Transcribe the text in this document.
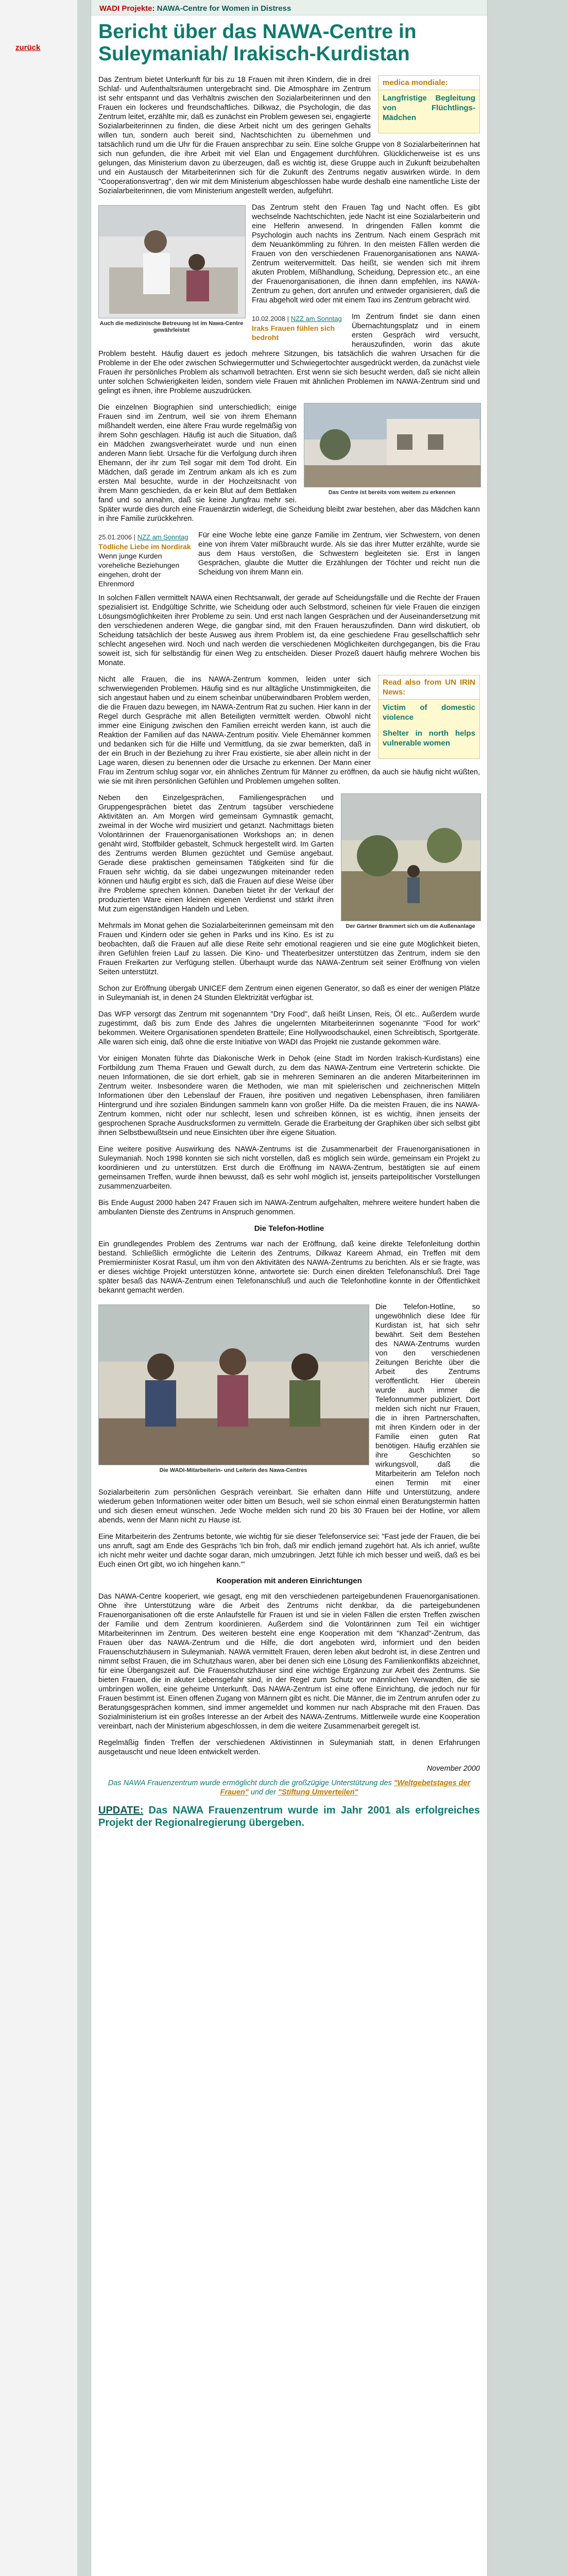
zurück
WADI Projekte: NAWA-Centre for Women in Distress
Bericht über das NAWA-Centre in Suleymaniah/ Irakisch-Kurdistan
medica mondiale:
Langfristige Begleitung von Flüchtlings-Mädchen

Das Zentrum bietet Unterkunft für bis zu 18 Frauen mit ihren Kindern, die in drei Schlaf- und Aufenthaltsräumen untergebracht sind. Die Atmosphäre im Zentrum ist sehr entspannt und das Verhältnis zwischen den Sozialarbeiterinnen und den Frauen ein lockeres und freundschaftliches. Dilkwaz, die Psychologin, die das Zentrum leitet, erzählte mir, daß es zunächst ein Problem gewesen sei, engagierte Sozialarbeiterinnen zu finden, die diese Arbeit nicht um des geringen Gehalts willen tun, sondern auch bereit sind, Nachtschichten zu übernehmen und tatsächlich rund um die Uhr für die Frauen ansprechbar zu sein. Eine solche Gruppe von 8 Sozialarbeiterinnen hat sich nun gefunden, die ihre Arbeit mit viel Elan und Engagement durchführen. Glücklicherweise ist es uns gelungen, das Ministerium davon zu überzeugen, daß es wichtig ist, diese Gruppe auch in Zukunft beizubehalten und ein Austausch der Mitarbeiterinnen sich für die Zukunft des Zentrums negativ auswirken würde. In dem "Cooperationsvertrag", den wir mit dem Ministerium abgeschlossen habe wurde deshalb eine namentliche Liste der Sozialarbeiterinnen, die vom Ministerium angestellt werden, aufgeführt.

Auch die medizinische Betreuung ist im Nawa-Centre gewährleistet

Das Zentrum steht den Frauen Tag und Nacht offen. Es gibt wechselnde Nachtschichten, jede Nacht ist eine Sozialarbeiterin und eine Helferin anwesend. In dringenden Fällen kommt die Psychologin auch nachts ins Zentrum. Nach einem Gespräch mit dem Neuankömmling zu führen. In den meisten Fällen werden die Frauen von den verschiedenen Frauenorganisationen ans NAWA-Zentrum weitervermittelt. Das heißt, sie wenden sich mit ihrem akuten Problem, Mißhandlung, Scheidung, Depression etc., an eine der Frauenorganisationen, die ihnen dann empfehlen, ins NAWA-Zentrum zu gehen, dort anrufen und entweder organisieren, daß die Frau abgeholt wird oder mit einem Taxi ins Zentrum gebracht wird.

10.02.2008 | NZZ am Sonntag
Iraks Frauen fühlen sich bedroht

Im Zentrum findet sie dann einen Übernachtungsplatz und in einem ersten Gespräch wird versucht, herauszufinden, worin das akute Problem besteht. Häufig dauert es jedoch mehrere Sitzungen, bis tatsächlich die wahren Ursachen für die Probleme in der Ehe oder zwischen Schwiegermutter und Schwiegertochter ausgedrückt werden, da zunächst viele Frauen ihr persönliches Problem als schamvoll betrachten. Erst wenn sie sich besucht werden, daß sie nicht allein unter solchen Schwierigkeiten leiden, sondern viele Frauen mit ähnlichen Problemen im NAWA-Zentrum sind und gelingt es ihnen, ihre Probleme auszudrücken.

Das Centre ist bereits vom weitem zu erkennen

Die einzelnen Biographien sind unterschiedlich; einige Frauen sind im Zentrum, weil sie von ihrem Ehemann mißhandelt werden, eine ältere Frau wurde regelmäßig von ihrem Sohn geschlagen. Häufig ist auch die Situation, daß ein Mädchen zwangsverheiratet wurde und nun einen anderen Mann liebt. Ursache für die Verfolgung durch ihren Ehemann, der ihr zum Teil sogar mit dem Tod droht. Ein Mädchen, daß gerade im Zentrum ankam als ich es zum ersten Mal besuchte, wurde in der Hochzeitsnacht von ihrem Mann geschieden, da er kein Blut auf dem Bettlaken fand und so annahm, daß sie keine Jungfrau mehr sei. Später wurde dies durch eine Frauenärztin widerlegt, die Scheidung bleibt zwar bestehen, aber das Mädchen kann in ihre Familie zurückkehren.

25.01.2006 | NZZ am Sonntag
Tödliche Liebe im Nordirak
Wenn junge Kurden voreheliche Beziehungen eingehen, droht der Ehrenmord

Für eine Woche lebte eine ganze Familie im Zentrum, vier Schwestern, von denen eine von ihrem Vater mißbraucht wurde. Als sie das ihrer Mutter erzählte, wurde sie aus dem Haus verstoßen, die Schwestern begleiteten sie. Erst in langen Gesprächen, glaubte die Mutter die Erzählungen der Töchter und reicht nun die Scheidung von ihrem Mann ein.

In solchen Fällen vermittelt NAWA einen Rechtsanwalt, der gerade auf Scheidungsfälle und die Rechte der Frauen spezialisiert ist. Endgültige Schritte, wie Scheidung oder auch Selbstmord, scheinen für viele Frauen die einzigen Lösungsmöglichkeiten ihrer Probleme zu sein. Und erst nach langen Gesprächen und der Auseinandersetzung mit den verschiedenen anderen Wege, die gangbar sind, mit den Frauen herauszufinden. Dann wird diskutiert, ob Scheidung tatsächlich der beste Ausweg aus ihrem Problem ist, da eine geschiedene Frau gesellschaftlich sehr schlecht angesehen wird. Noch und nach werden die verschiedenen Möglichkeiten durchgegangen, bis die Frau soweit ist, sich für selbständig für einen Weg zu entscheiden. Dieser Prozeß dauert häufig mehrere Wochen bis Monate.

Read also from UN IRIN News:
Victim of domestic violence
Shelter in north helps vulnerable women

Nicht alle Frauen, die ins NAWA-Zentrum kommen, leiden unter sich schwerwiegenden Problemen. Häufig sind es nur alltägliche Unstimmigkeiten, die sich angestaut haben und zu einem scheinbar unüberwindbaren Problem werden, die die Frauen dazu bewegen, im NAWA-Zentrum Rat zu suchen. Hier kann in der Regel durch Gespräche mit allen Beteiligten vermittelt werden. Obwohl nicht immer eine Einigung zwischen den Familien erreicht werden kann, ist auch die Reaktion der Familien auf das NAWA-Zentrum positiv. Viele Ehemänner kommen und bedanken sich für die Hilfe und Vermittlung, da sie zwar bemerkten, daß in der ein Bruch in der Beziehung zu ihrer Frau existierte, sie aber allein nicht in der Lage waren, diesen zu benennen oder die Ursache zu erkennen. Der Mann einer Frau im Zentrum schlug sogar vor, ein ähnliches Zentrum für Männer zu eröffnen, da auch sie häufig nicht wüßten, wie sie mit ihren persönlichen Gefühlen und Problemen umgehen sollten.

Der Gärtner Brammert sich um die Außenanlage

Neben den Einzelgesprächen, Familiengesprächen und Gruppengesprächen bietet das Zentrum tagsüber verschiedene Aktivitäten an. Am Morgen wird gemeinsam Gymnastik gemacht, zweimal in der Woche wird musiziert und getanzt. Nachmittags bieten Volontärinnen der Frauenorganisationen Workshops an; in denen genäht wird, Stoffbilder gebastelt, Schmuck hergestellt wird. Im Garten des Zentrums werden Blumen gezüchtet und Gemüse angebaut. Gerade diese praktischen gemeinsamen Tätigkeiten sind für die Frauen sehr wichtig, da sie dabei ungezwungen miteinander reden können und häufig ergibt es sich, daß die Frauen auf diese Weise über ihre Probleme sprechen können. Daneben bietet ihr der Verkauf der produzierten Ware einen kleinen eigenen Verdienst und stärkt ihren Mut zum eigenständigen Handeln und Leben.

Mehrmals im Monat gehen die Sozialarbeiterinnen gemeinsam mit den Frauen und Kindern oder sie gehen in Parks und ins Kino. Es ist zu beobachten, daß die Frauen auf alle diese Reite sehr emotional reagieren und sie eine gute Möglichkeit bieten, ihren Gefühlen freien Lauf zu lassen. Die Kino- und Theaterbesitzer unterstützen das Zentrum, indem sie den Frauen Freikarten zur Verfügung stellen. Überhaupt wurde das NAWA-Zentrum seit seiner Eröffnung von vielen Seiten unterstützt.

Schon zur Eröffnung übergab UNICEF dem Zentrum einen eigenen Generator, so daß es einer der wenigen Plätze in Suleymaniah ist, in denen 24 Stunden Elektrizität verfügbar ist.

Das WFP versorgt das Zentrum mit sogenanntem "Dry Food", daß heißt Linsen, Reis, Öl etc.. Außerdem wurde zugestimmt, daß bis zum Ende des Jahres die ungelernten Mitarbeiterinnen sogenannte "Food for work" bekommen. Weitere Organisationen spendeten Bratteile; Eine Hollywoodschaukel, einen Schreibtisch, Sportgeräte. Alle waren sich einig, daß ohne die erste Initiative von WADI das Projekt nie zustande gekommen wäre.

Vor einigen Monaten führte das Diakonische Werk in Dehok (eine Stadt im Norden Irakisch-Kurdistans) eine Fortbildung zum Thema Frauen und Gewalt durch, zu dem das NAWA-Zentrum eine Vertreterin schickte. Die neuen Informationen, die sie dort erhielt, gab sie in mehreren Seminaren an die anderen Mitarbeiterinnen im Zentrum weiter. Insbesondere waren die Methoden, wie man mit spielerischen und zeichnerischen Mitteln Informationen über den Lebenslauf der Frauen, ihre positiven und negativen Lebensphasen, ihren familiären Hintergrund und ihre sozialen Bindungen sammeln kann von großer Hilfe. Da die meisten Frauen, die ins NAWA-Zentrum kommen, nicht oder nur schlecht, lesen und schreiben können, ist es wichtig, ihnen jenseits der gesprochenen Sprache Ausdrucksformen zu vermitteln. Gerade die Erarbeitung der Graphiken über sich selbst gibt ihnen Selbstbewußtsein und neue Einsichten über ihre eigene Situation.

Eine weitere positive Auswirkung des NAWA-Zentrums ist die Zusammenarbeit der Frauenorganisationen in Suleymaniah. Noch 1998 konnten sie sich nicht vorstellen, daß es möglich sein würde, gemeinsam ein Projekt zu koordinieren und zu unterstützen. Erst durch die Eröffnung im NAWA-Zentrum, bestätigten sie auf einem gemeinsamen Treffen, wurde ihnen bewusst, daß es sehr wohl möglich ist, jenseits parteipolitischer Vorstellungen zusammenzuarbeiten.

Bis Ende August 2000 haben 247 Frauen sich im NAWA-Zentrum aufgehalten, mehrere weitere hundert haben die ambulanten Dienste des Zentrums in Anspruch genommen.

Die Telefon-Hotline

Ein grundlegendes Problem des Zentrums war nach der Eröffnung, daß keine direkte Telefonleitung dorthin bestand. Schließlich ermöglichte die Leiterin des Zentrums, Dilkwaz Kareem Ahmad, ein Treffen mit dem Premierminister Kosrat Rasul, um ihm von den Aktivitäten des NAWA-Zentrums zu berichten. Als er sie fragte, was er dieses wichtige Projekt unterstützen könne, antwortete sie: Durch einen direkten Telefonanschluß. Drei Tage später besaß das NAWA-Zentrum einen Telefonanschluß und auch die Telefonhotline konnte in der Öffentlichkeit bekannt gemacht werden.

Die WADI-Mitarbeiterin- und Leiterin des Nawa-Centres

Die Telefon-Hotline, so ungewöhnlich diese Idee für Kurdistan ist, hat sich sehr bewährt. Seit dem Bestehen des NAWA-Zentrums wurden von den verschiedenen Zeitungen Berichte über die Arbeit des Zentrums veröffentlicht. Hier überein wurde auch immer die Telefonnummer publiziert. Dort melden sich nicht nur Frauen, die in ihren Partnerschaften, mit ihren Kindern oder in der Familie einen guten Rat benötigen. Häufig erzählen sie ihre Geschichten so wirkungsvoll, daß die Mitarbeiterin am Telefon noch einen Termin mit einer Sozialarbeiterin zum persönlichen Gespräch vereinbart. Sie erhalten dann Hilfe und Unterstützung, andere wiederum geben Informationen weiter oder bitten um Besuch, weil sie schon einmal einen Beratungstermin hatten und sich diesen erneut wünschen. Jede Woche melden sich rund 20 bis 30 Frauen bei der Hotline, vor allem abends, wenn der Mann nicht zu Hause ist.

Eine Mitarbeiterin des Zentrums betonte, wie wichtig für sie dieser Telefonservice sei: "Fast jede der Frauen, die bei uns anruft, sagt am Ende des Gesprächs 'Ich bin froh, daß mir endlich jemand zugehört hat. Als ich anrief, wußte ich nicht mehr weiter und dachte sogar daran, mich umzubringen. Jetzt fühle ich mich besser und weiß, daß es bei Euch einen Ort gibt, wo ich hingehen kann.'"

Kooperation mit anderen Einrichtungen

Das NAWA-Centre kooperiert, wie gesagt, eng mit den verschiedenen parteigebundenen Frauenorganisationen. Ohne ihre Unterstützung wäre die Arbeit des Zentrums nicht denkbar, da die parteigebundenen Frauenorganisationen oft die erste Anlaufstelle für Frauen ist und sie in vielen Fällen die ersten Treffen zwischen der Familie und dem Zentrum koordinieren. Außerdem sind die Volontärinnen zum Teil ein wichtiger Mitarbeiterinnen im Zentrum. Des weiteren besteht eine enge Kooperation mit dem "Khanzad"-Zentrum, das Frauen über das NAWA-Zentrum und die Hilfe, die dort angeboten wird, informiert und den beiden Frauenschutzhäusern in Suleymaniah. NAWA vermittelt Frauen, deren leben akut bedroht ist, in diese Zentren und nimmt selbst Frauen, die im Schutzhaus waren, aber bei denen sich eine Lösung des Familienkonflikts abzeichnet, für eine Übergangszeit auf. Die Frauenschutzhäuser sind eine wichtige Ergänzung zur Arbeit des Zentrums. Sie bieten Frauen, die in akuter Lebensgefahr sind, in der Regel zum Schutz vor männlichen Verwandten, die sie umbringen wollen, eine geheime Unterkunft. Das NAWA-Zentrum ist eine offene Einrichtung, die jedoch nur für Frauen bestimmt ist. Einen offenen Zugang von Männern gibt es nicht. Die Männer, die im Zentrum anrufen oder zu Beratungsgesprächen kommen, sind immer angemeldet und kommen nur nach Absprache mit den Frauen. Das Sozialministerium ist ein großes Interesse an der Arbeit des NAWA-Zentrums. Mittlerweile wurde eine Kooperation vereinbart, nach der Ministerium abgeschlossen, in dem die weitere Zusammenarbeit geregelt ist.

Regelmäßig finden Treffen der verschiedenen Aktivistinnen in Suleymaniah statt, in denen Erfahrungen ausgetauscht und neue Ideen entwickelt werden.

November 2000
Das NAWA Frauenzentrum wurde ermöglicht durch die großzügige Unterstützung des "Weltgebetstages der Frauen" und der "Stiftung Umverteilen"
UPDATE: Das NAWA Frauenzentrum wurde im Jahr 2001 als erfolgreiches Projekt der Regionalregierung übergeben.
